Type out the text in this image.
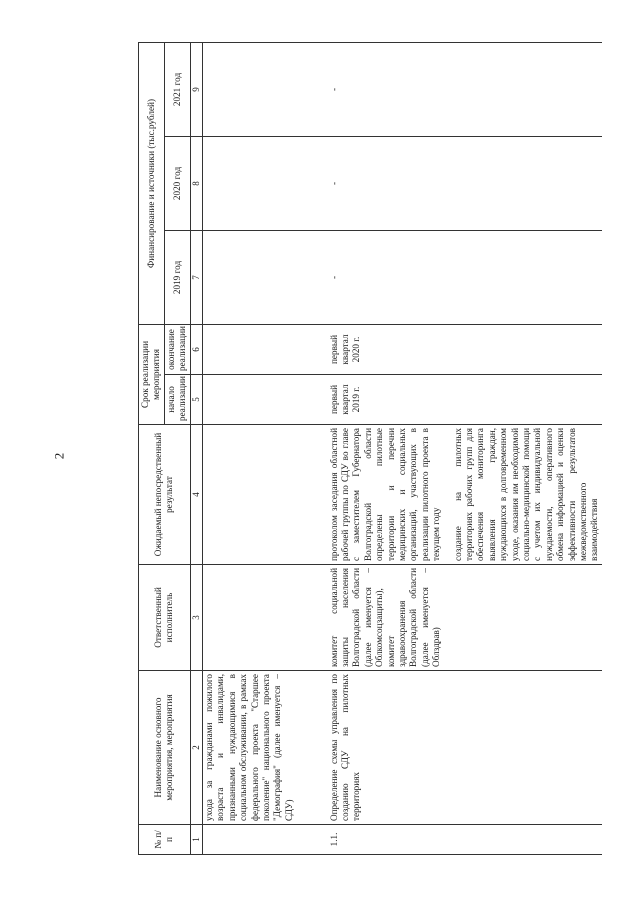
2
№ п/п	Наименование основного мероприятия, мероприятия	Ответственный исполнитель	Ожидаемый непосредственный результат	Срок реализации мероприятия		Финансирование и источники (тыс.рублей)		
				начало реализации	окончание реализации	2019 год	2020 год	2021 год
1	2	3	4	5	6	7	8	9
	ухода за гражданами пожилого возраста и инвалидами, признанными нуждающимися в социальном обслуживании, в рамках федерального проекта "Старшее поколение" национального проекта "Демография" (далее именуется – СДУ)							
1.1.	Определение схемы управления по созданию СДУ на пилотных территориях	комитет социальной защиты населения Волгоградской области (далее именуется – Облкомсоцзащиты), комитет здравоохранения Волгоградской области (далее именуется – Облздрав)	протоколом заседания областной рабочей группы по СДУ во главе с заместителем Губернатора Волгоградской области определены пилотные территории и перечни медицинских и социальных организаций, участвующих в реализации пилотного проекта в текущем году создание на пилотных территориях рабочих групп для обеспечения мониторинга выявления граждан, нуждающихся в долговременном уходе, оказания им необходимой социально-медицинской помощи с учетом их индивидуальной нуждаемости, оперативного обмена информацией и оценки эффективности результатов межведомственного взаимодействия	первый квартал 2019 г.	первый квартал 2020 г.	-	-	-
